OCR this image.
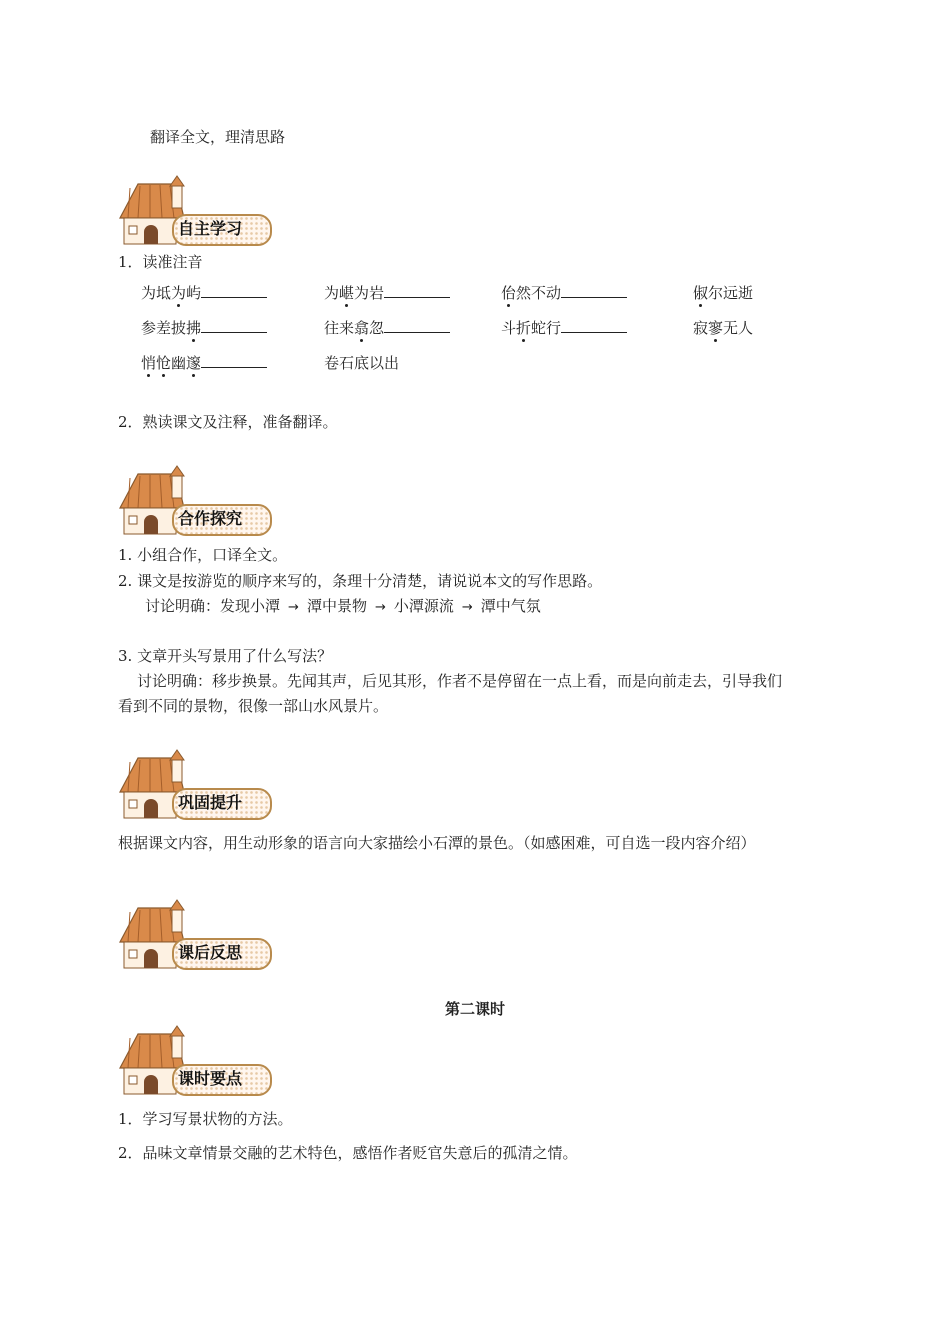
翻译全文，理清思路
自主学习
1．读准注音
为坻为屿	为嵁为岩	佁然不动	俶尔远逝
参差披拂	往来翕忽	斗折蛇行	寂寥无人
悄怆幽邃	卷石底以出
2．熟读课文及注释，准备翻译。
合作探究
1. 小组合作，口译全文。
2. 课文是按游览的顺序来写的，条理十分清楚，请说说本文的写作思路。
讨论明确：发现小潭 → 潭中景物 → 小潭源流 → 潭中气氛
3. 文章开头写景用了什么写法？
讨论明确：移步换景。先闻其声，后见其形，作者不是停留在一点上看，而是向前走去，引导我们
看到不同的景物，很像一部山水风景片。
巩固提升
根据课文内容，用生动形象的语言向大家描绘小石潭的景色。（如感困难，可自选一段内容介绍）
课后反思
第二课时
课时要点
1．学习写景状物的方法。
2．品味文章情景交融的艺术特色，感悟作者贬官失意后的孤清之情。
